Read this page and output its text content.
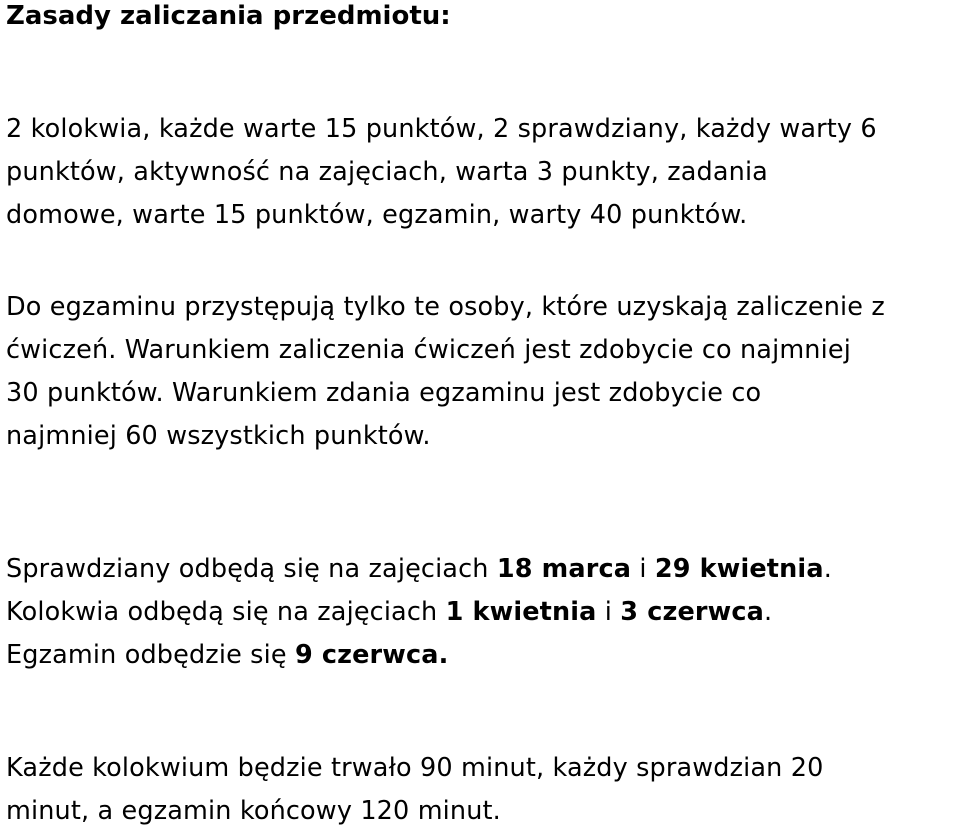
Zasady zaliczania przedmiotu:

2 kolokwia, każde warte 15 punktów, 2 sprawdziany, każdy warty 6
punktów, aktywność na zajęciach, warta 3 punkty, zadania
domowe, warte 15 punktów, egzamin, warty 40 punktów.

Do egzaminu przystępują tylko te osoby, które uzyskają zaliczenie z
ćwiczeń. Warunkiem zaliczenia ćwiczeń jest zdobycie co najmniej
30 punktów. Warunkiem zdania egzaminu jest zdobycie co
najmniej 60 wszystkich punktów.

Sprawdziany odbędą się na zajęciach 18 marca i 29 kwietnia.
Kolokwia odbędą się na zajęciach 1 kwietnia i 3 czerwca.
Egzamin odbędzie się 9 czerwca.

Każde kolokwium będzie trwało 90 minut, każdy sprawdzian 20
minut, a egzamin końcowy 120 minut.
